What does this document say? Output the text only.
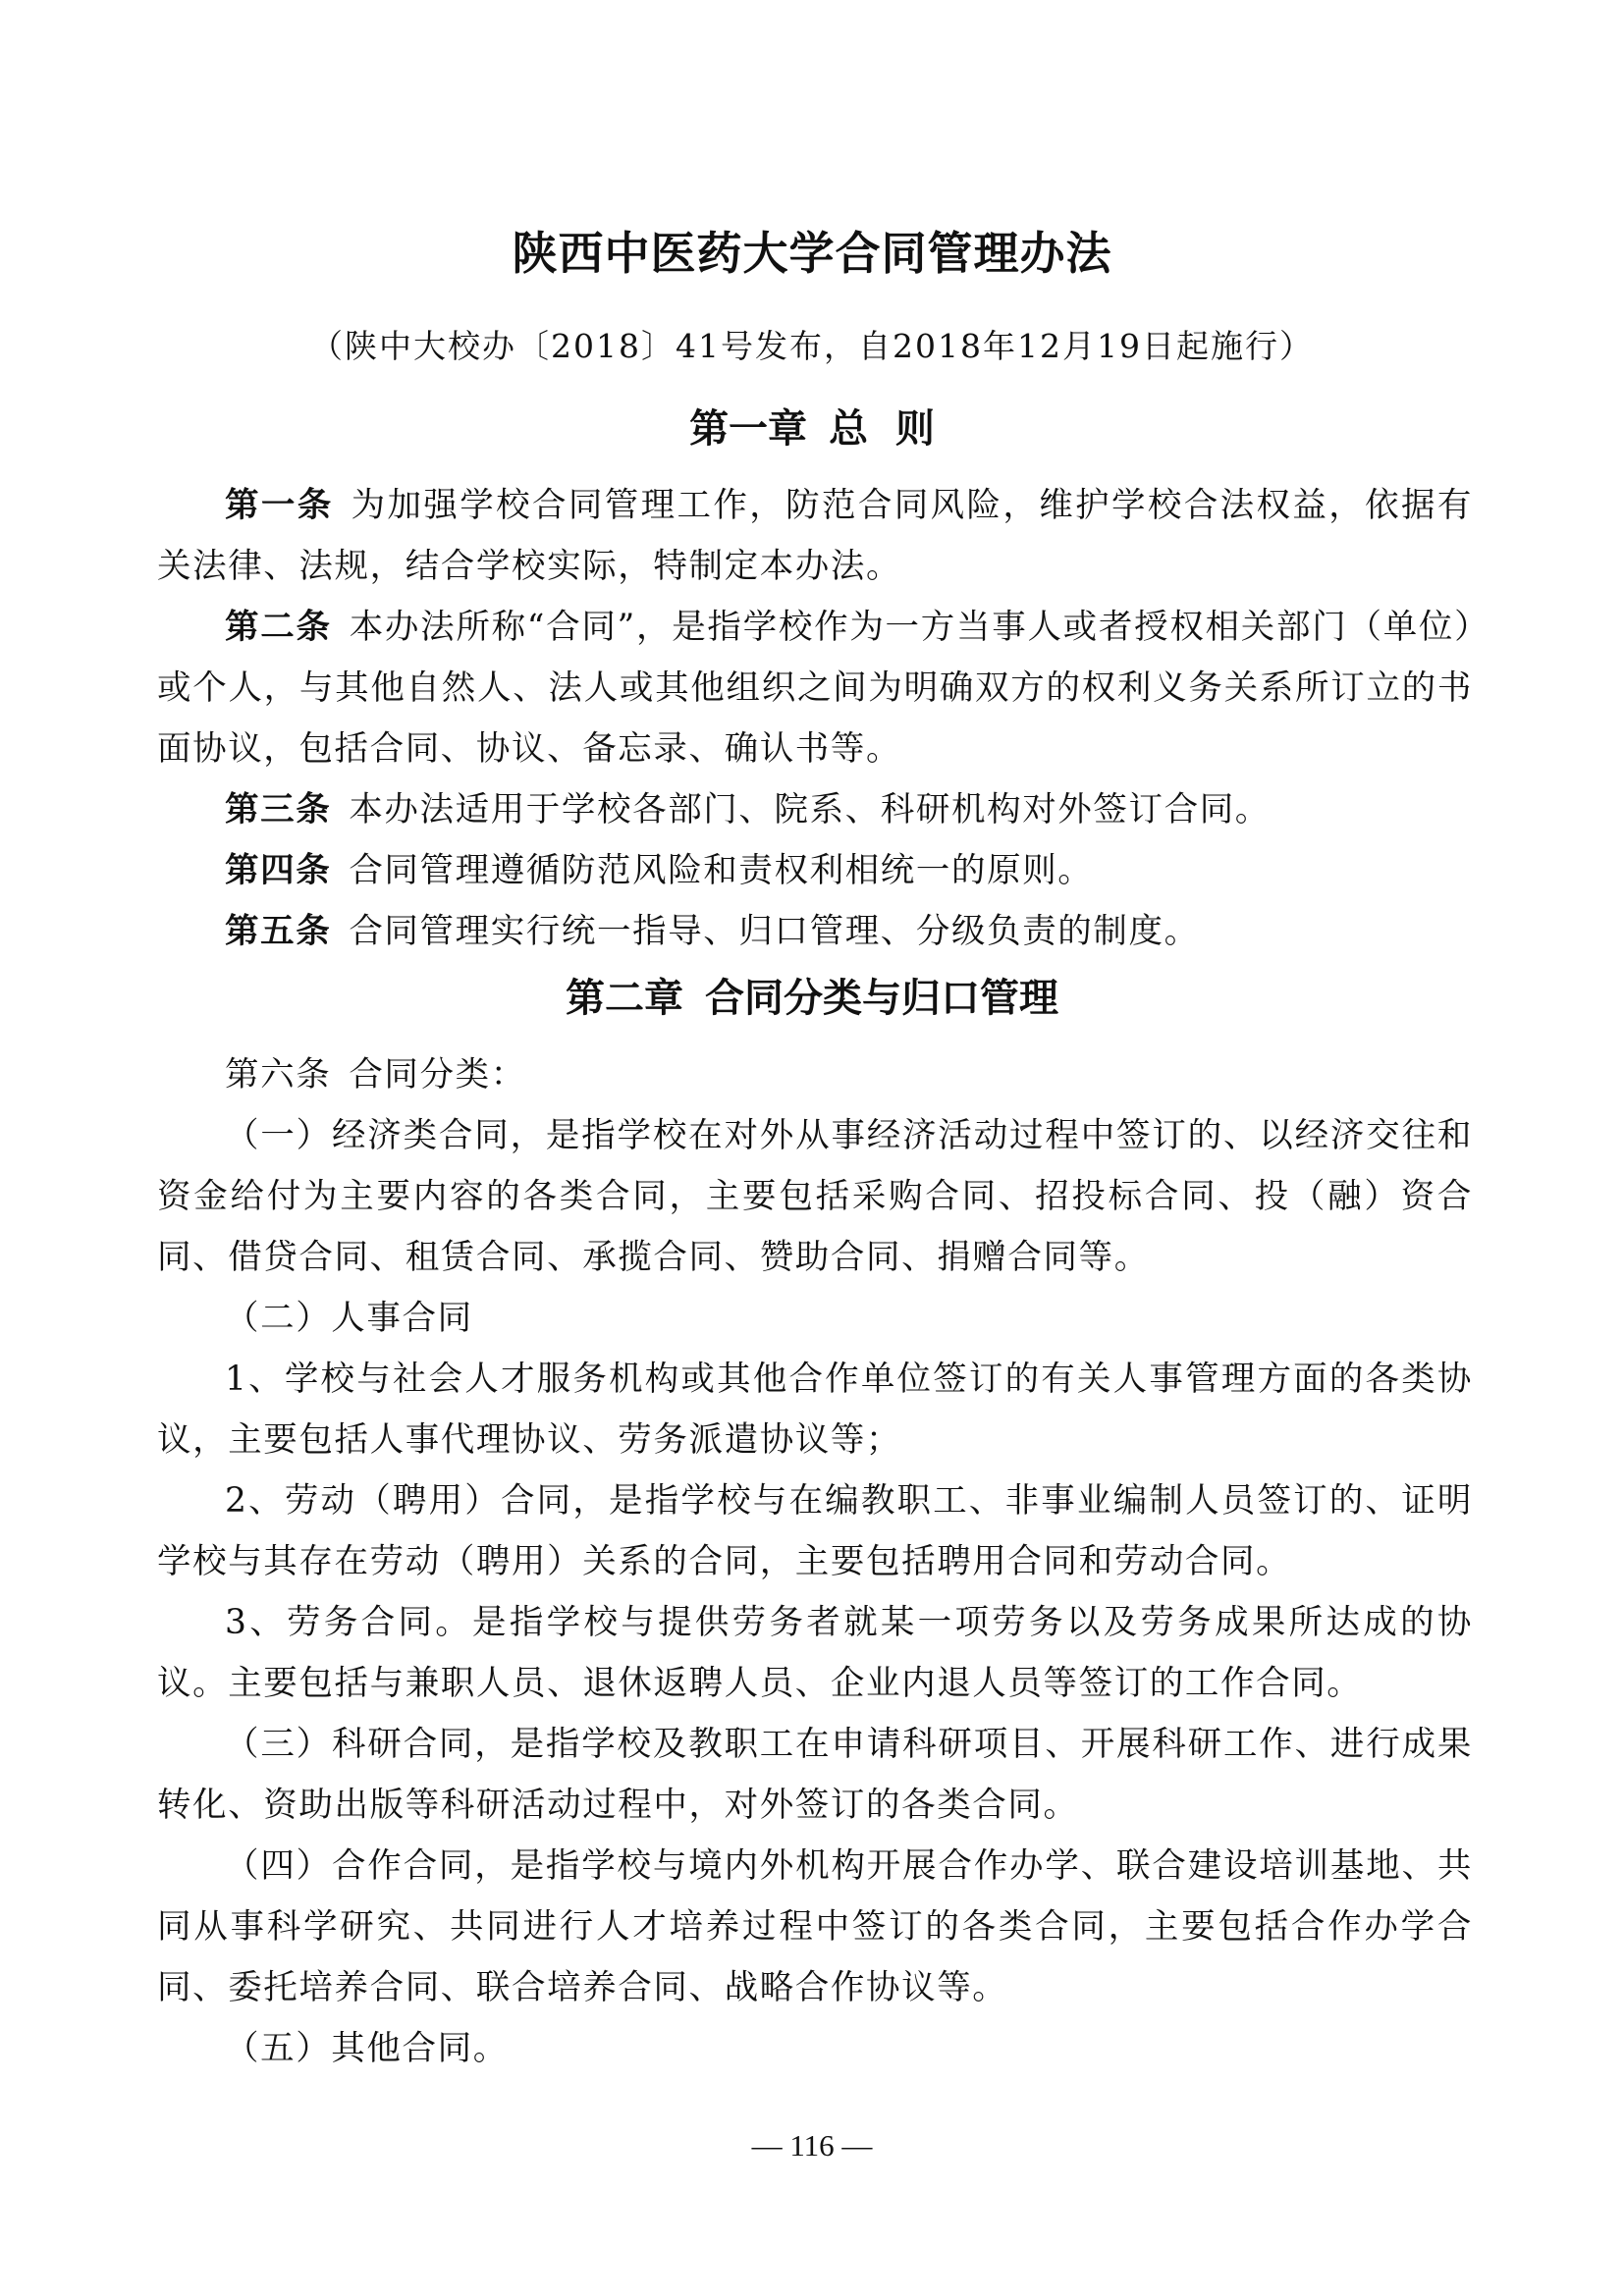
陕西中医药大学合同管理办法
（陕中大校办〔2018〕41号发布，自2018年12月19日起施行）
第一章 总  则

第一条 为加强学校合同管理工作，防范合同风险，维护学校合法权益，依据有关法律、法规，结合学校实际，特制定本办法。

第二条 本办法所称“合同”，是指学校作为一方当事人或者授权相关部门（单位）或个人，与其他自然人、法人或其他组织之间为明确双方的权利义务关系所订立的书面协议，包括合同、协议、备忘录、确认书等。

第三条 本办法适用于学校各部门、院系、科研机构对外签订合同。

第四条 合同管理遵循防范风险和责权利相统一的原则。

第五条 合同管理实行统一指导、归口管理、分级负责的制度。

第二章 合同分类与归口管理

第六条 合同分类：

（一）经济类合同，是指学校在对外从事经济活动过程中签订的、以经济交往和资金给付为主要内容的各类合同，主要包括采购合同、招投标合同、投（融）资合同、借贷合同、租赁合同、承揽合同、赞助合同、捐赠合同等。

（二）人事合同

1、学校与社会人才服务机构或其他合作单位签订的有关人事管理方面的各类协议，主要包括人事代理协议、劳务派遣协议等；

2、劳动（聘用）合同，是指学校与在编教职工、非事业编制人员签订的、证明学校与其存在劳动（聘用）关系的合同，主要包括聘用合同和劳动合同。

3、劳务合同。是指学校与提供劳务者就某一项劳务以及劳务成果所达成的协议。主要包括与兼职人员、退休返聘人员、企业内退人员等签订的工作合同。

（三）科研合同，是指学校及教职工在申请科研项目、开展科研工作、进行成果转化、资助出版等科研活动过程中，对外签订的各类合同。

（四）合作合同，是指学校与境内外机构开展合作办学、联合建设培训基地、共同从事科学研究、共同进行人才培养过程中签订的各类合同，主要包括合作办学合同、委托培养合同、联合培养合同、战略合作协议等。

（五）其他合同。

— 116 —
